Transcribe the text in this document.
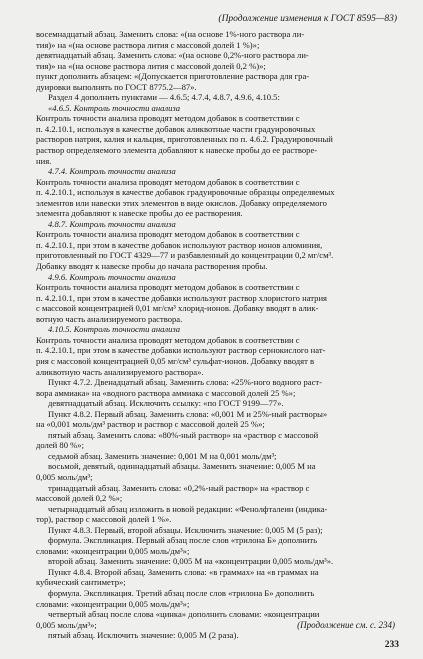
(Продолжение изменения к ГОСТ 8595—83)
восемнадцатый абзац. Заменить слова: «(на основе 1%-ного раствора ли-
тия)» на «(на основе раствора лития с массовой долей 1 %)»;
девятнадцатый абзац. Заменить слова: «(на основе 0,2%-ного раствора ли-
тия)» на «(на основе раствора лития с массовой долей 0,2 %)»;
пункт дополнить абзацем: «(Допускается приготовление раствора для гра-
дуировки выполнять по ГОСТ 8775.2—87».
Раздел 4 дополнить пунктами — 4.6.5; 4.7.4, 4.8.7, 4.9.6, 4.10.5:
«4.6.5. Контроль точности анализа
Контроль точности анализа проводят методом добавок в соответствии с
п. 4.2.10.1, используя в качестве добавок аликвотные части градуировочных
растворов натрия, калия и кальция, приготовленных по п. 4.6.2. Градуировочный
раствор определяемого элемента добавляют к навеске пробы до ее растворе-
ния.
4.7.4. Контроль точности анализа
Контроль точности анализа проводят методом добавок в соответствии с
п. 4.2.10.1, используя в качестве добавок градуировочные образцы определяемых
элементов или навески этих элементов в виде окислов. Добавку определяемого
элемента добавляют к навеске пробы до ее растворения.
4.8.7. Контроль точности анализа
Контроль точности анализа проводят методом добавок в соответствии с
п. 4.2.10.1, при этом в качестве добавок используют раствор ионов алюминия,
приготовленный по ГОСТ 4329—77 и разбавленный до концентрации 0,2 мг/см³.
Добавку вводят к навеске пробы до начала растворения пробы.
4.9.6. Контроль точности анализа
Контроль точности анализа проводят методом добавок в соответствии с
п. 4.2.10.1, при этом в качестве добавки используют раствор хлористого натрия
с массовой концентрацией 0,01 мг/см³ хлорид-ионов. Добавку вводят в алик-
вотную часть анализируемого раствора.
4.10.5. Контроль точности анализа
Контроль точности анализа проводят методом добавок в соответствии с
п. 4.2.10.1, при этом в качестве добавки используют раствор сернокислого нат-
рия с массовой концентрацией 0,05 мг/см³ сульфат-ионов. Добавку вводят в
аликвотную часть анализируемого раствора».
Пункт 4.7.2. Двенадцатый абзац. Заменить слова: «25%-ного водного раст-
вора аммиака» на «водного раствора аммиака с массовой долей 25 %»;
девятнадцатый абзац. Исключить ссылку: «по ГОСТ 9199—77».
Пункт 4.8.2. Первый абзац. Заменить слова: «0,001 M и 25%-ный растворы»
на «0,001 моль/дм³ раствор и раствор с массовой долей 25 %»;
пятый абзац. Заменить слова: «80%-ный раствор» на «раствор с массовой
долей 80 %»;
седьмой абзац. Заменить значение: 0,001 M на 0,001 моль/дм³;
восьмой, девятый, одиннадцатый абзацы. Заменить значение: 0,005 M на
0,005 моль/дм³;
тринадцатый абзац. Заменить слова: «0,2%-ный раствор» на «раствор с
массовой долей 0,2 %»;
четырнадцатый абзац изложить в новой редакции: «Фенолфталеин (индика-
тор), раствор с массовой долей 1 %».
Пункт 4.8.3. Первый, второй абзацы. Исключить значение: 0,005 M (5 раз);
формула. Экспликация. Первый абзац после слов «трилона Б» дополнить
словами: «концентрации 0,005 моль/дм³»;
второй абзац. Заменить значение: 0,005 M на «концентрации 0,005 моль/дм³».
Пункт 4.8.4. Второй абзац. Заменить слова: «в граммах» на «в граммах на
кубический сантиметр»;
формула. Экспликация. Третий абзац после слов «трилона Б» дополнить
словами: «концентрации 0,005 моль/дм³»;
четвертый абзац после слова «цинка» дополнить словами: «концентрации
0,005 моль/дм³»;
пятый абзац. Исключить значение: 0,005 M (2 раза).
(Продолжение см. с. 234)
233
